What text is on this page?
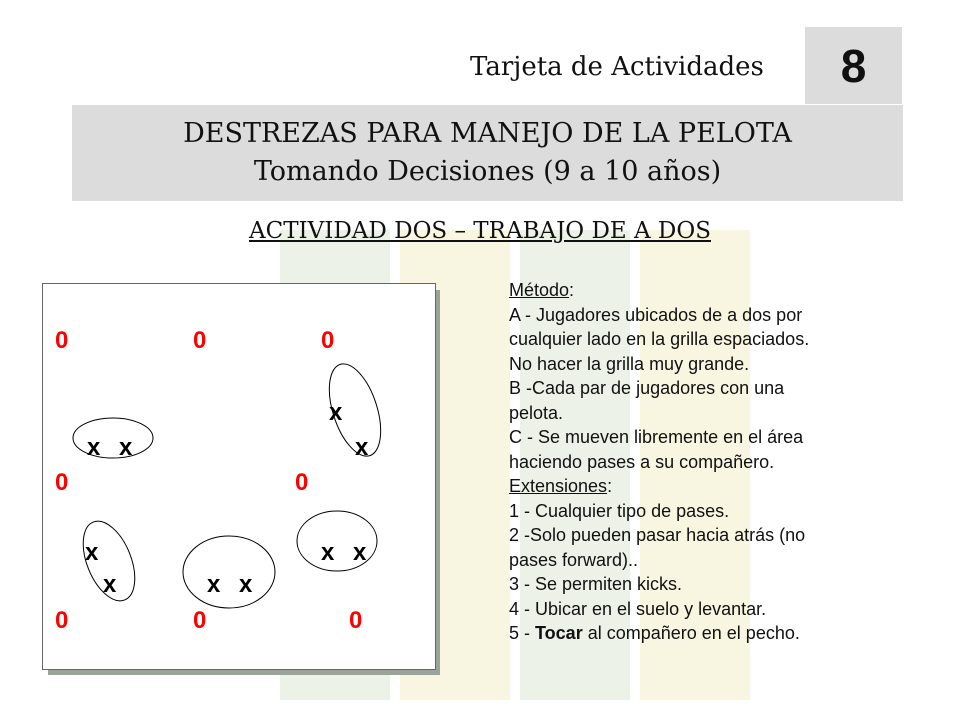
Tarjeta de Actividades	8
DESTREZAS PARA MANEJO DE LA PELOTA
Tomando Decisiones (9 a 10 años)
ACTIVIDAD DOS – TRABAJO DE A DOS
0	0	0
0	0
0	0	0
x x
x
x
x
x	x x
x x
Método:
A - Jugadores ubicados de a dos por
cualquier lado en la grilla espaciados.
No hacer la grilla muy grande.
B -Cada par de jugadores con una
pelota.
C - Se mueven libremente en el área
haciendo pases a su compañero.
Extensiones:
1 - Cualquier tipo de pases.
2 -Solo pueden pasar hacia atrás (no
pases forward)..
3 - Se permiten kicks.
4 - Ubicar en el suelo y levantar.
5 - Tocar al compañero en el pecho.
